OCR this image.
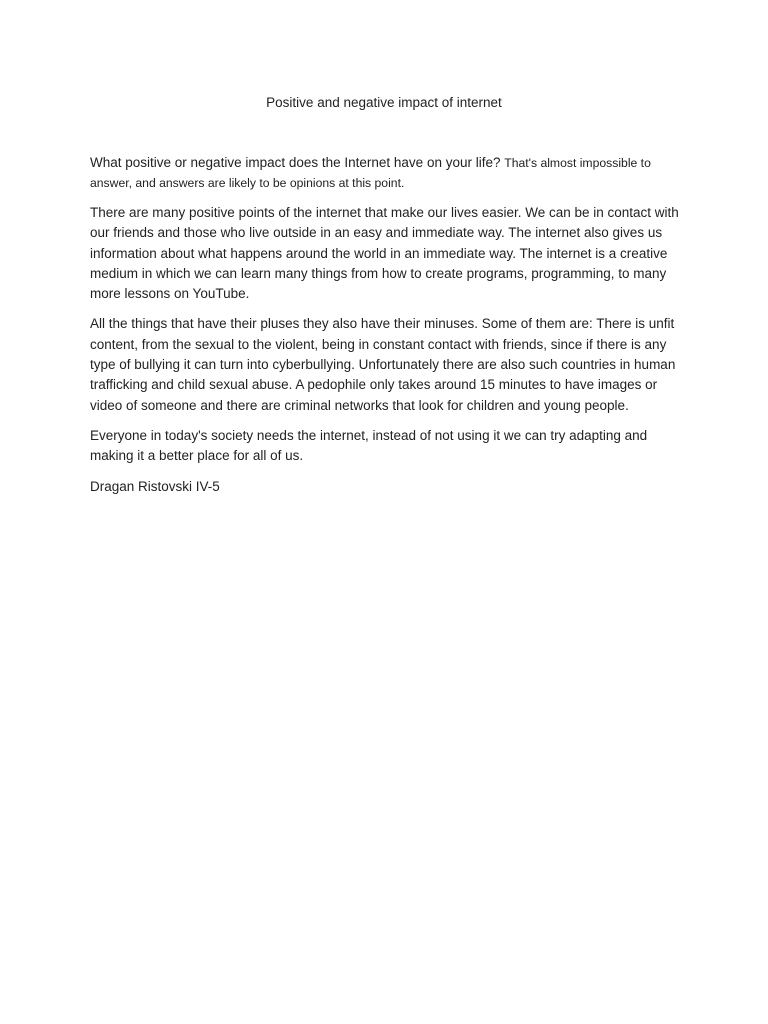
Positive and negative impact of internet

What positive or negative impact does the Internet have on your life? That's almost impossible to answer, and answers are likely to be opinions at this point.

There are many positive points of the internet that make our lives easier. We can be in contact with our friends and those who live outside in an easy and immediate way. The internet also gives us information about what happens around the world in an immediate way. The internet is a creative medium in which we can learn many things from how to create programs, programming, to many more lessons on YouTube.

All the things that have their pluses they also have their minuses. Some of them are: There is unfit content, from the sexual to the violent, being in constant contact with friends, since if there is any type of bullying it can turn into cyberbullying. Unfortunately there are also such countries in human trafficking and child sexual abuse. A pedophile only takes around 15 minutes to have images or video of someone and there are criminal networks that look for children and young people.

Everyone in today's society needs the internet, instead of not using it we can try adapting and making it a better place for all of us.

Dragan Ristovski IV-5
